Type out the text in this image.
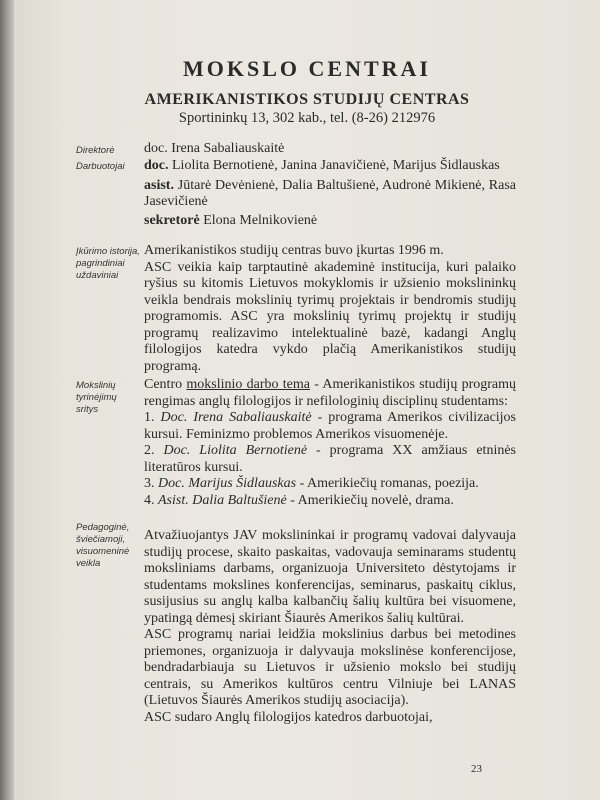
MOKSLO CENTRAI
AMERIKANISTIKOS STUDIJŲ CENTRAS
Sportininkų 13, 302 kab., tel. (8-26) 212976
Direktorė
Darbuotojai
Įkūrimo istorija, pagrindiniai uždaviniai
Mokslinių tyrinėjimų sritys
Pedagoginė, šviečiamoji, visuomeninė veikla
doc. Irena Sabaliauskaitė
doc. Liolita Bernotienė, Janina Janavičienė, Marijus Šidlauskas
asist. Jūtarė Devėnienė, Dalia Baltušienė, Audronė Mikienė, Rasa Jasevičienė
sekretorė Elona Melnikovienė
Amerikanistikos studijų centras buvo įkurtas 1996 m.
ASC veikia kaip tarptautinė akademinė institucija, kuri palaiko ryšius su kitomis Lietuvos mokyklomis ir užsienio mokslininkų veikla bendrais mokslinių tyrimų projektais ir bendromis studijų programomis. ASC yra mokslinių tyrimų projektų ir studijų programų realizavimo intelektualinė bazė, kadangi Anglų filologijos katedra vykdo plačią Amerikanistikos studijų programą.
Centro mokslinio darbo tema - Amerikanistikos studijų programų rengimas anglų filologijos ir nefilologinių disciplinų studentams:
1. Doc. Irena Sabaliauskaitė - programa Amerikos civilizacijos kursui. Feminizmo problemos Amerikos visuomenėje.
2. Doc. Liolita Bernotienė - programa XX amžiaus etninės literatūros kursui.
3. Doc. Marijus Šidlauskas - Amerikiečių romanas, poezija.
4. Asist. Dalia Baltušienė - Amerikiečių novelė, drama.
Atvažiuojantys JAV mokslininkai ir programų vadovai dalyvauja studijų procese, skaito paskaitas, vadovauja seminarams studentų moksliniams darbams, organizuoja Universiteto dėstytojams ir studentams mokslines konferencijas, seminarus, paskaitų ciklus, susijusius su anglų kalba kalbančių šalių kultūra bei visuomene, ypatingą dėmesį skiriant Šiaurės Amerikos šalių kultūrai.
ASC programų nariai leidžia mokslinius darbus bei metodines priemones, organizuoja ir dalyvauja mokslinėse konferencijose, bendradarbiauja su Lietuvos ir užsienio mokslo bei studijų centrais, su Amerikos kultūros centru Vilniuje bei LANAS (Lietuvos Šiaurės Amerikos studijų asociacija).
ASC sudaro Anglų filologijos katedros darbuotojai,
23
